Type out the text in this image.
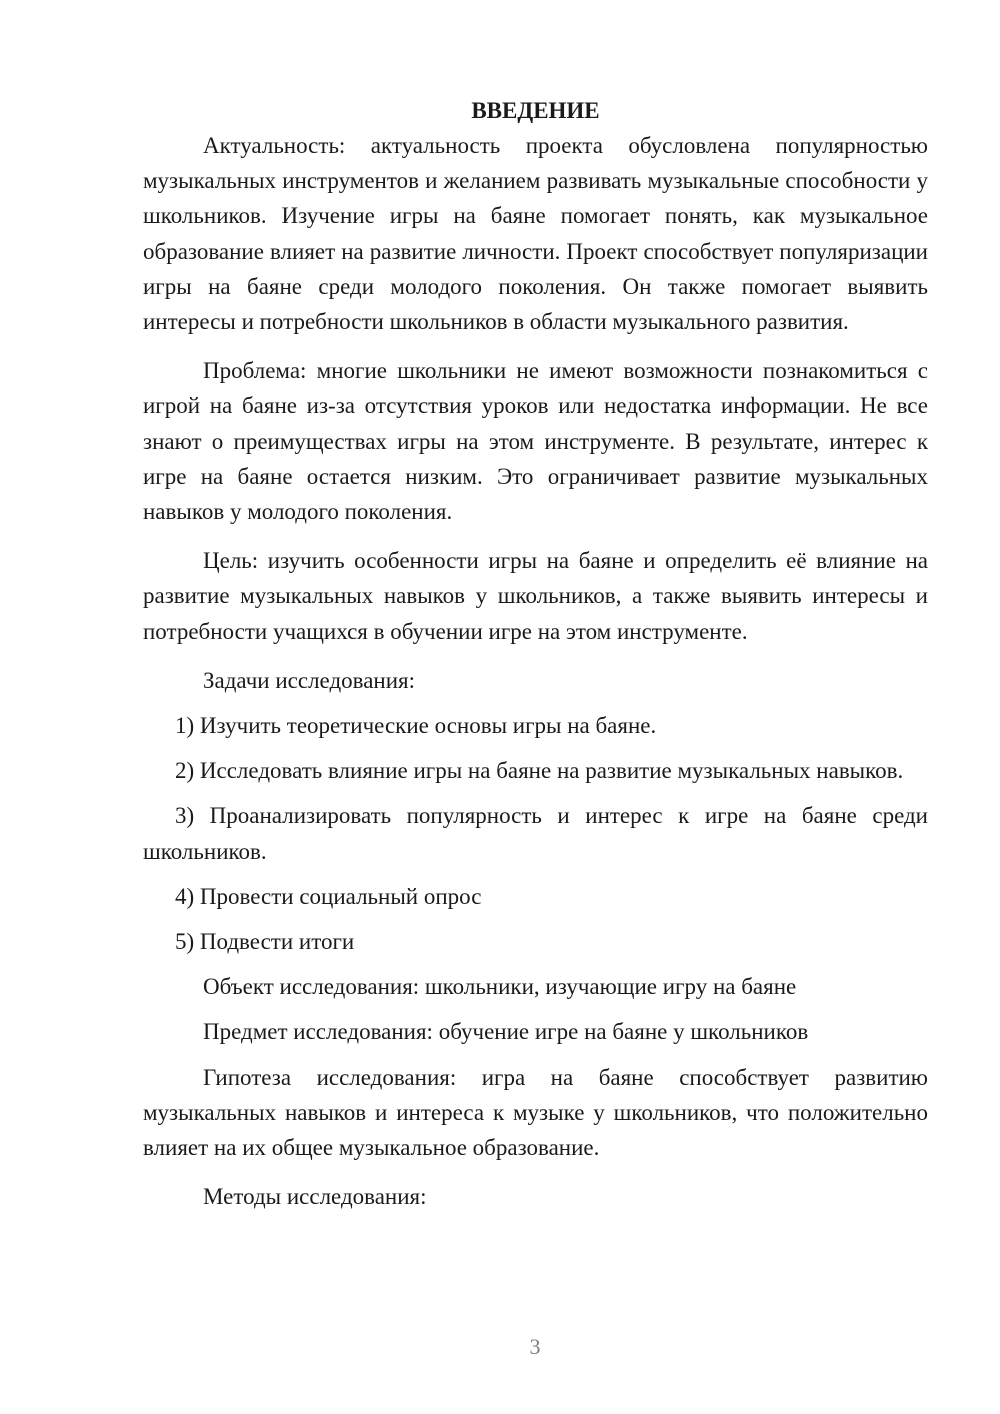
ВВЕДЕНИЕ

Актуальность: актуальность проекта обусловлена популярностью музыкальных инструментов и желанием развивать музыкальные способности у школьников. Изучение игры на баяне помогает понять, как музыкальное образование влияет на развитие личности. Проект способствует популяризации игры на баяне среди молодого поколения. Он также помогает выявить интересы и потребности школьников в области музыкального развития.

Проблема: многие школьники не имеют возможности познакомиться с игрой на баяне из-за отсутствия уроков или недостатка информации. Не все знают о преимуществах игры на этом инструменте. В результате, интерес к игре на баяне остается низким. Это ограничивает развитие музыкальных навыков у молодого поколения.

Цель: изучить особенности игры на баяне и определить её влияние на развитие музыкальных навыков у школьников, а также выявить интересы и потребности учащихся в обучении игре на этом инструменте.

Задачи исследования:

1) Изучить теоретические основы игры на баяне.

2) Исследовать влияние игры на баяне на развитие музыкальных навыков.

3) Проанализировать популярность и интерес к игре на баяне среди школьников.

4) Провести социальный опрос

5) Подвести итоги

Объект исследования: школьники, изучающие игру на баяне

Предмет исследования: обучение игре на баяне у школьников

Гипотеза исследования: игра на баяне способствует развитию музыкальных навыков и интереса к музыке у школьников, что положительно влияет на их общее музыкальное образование.

Методы исследования:

3
